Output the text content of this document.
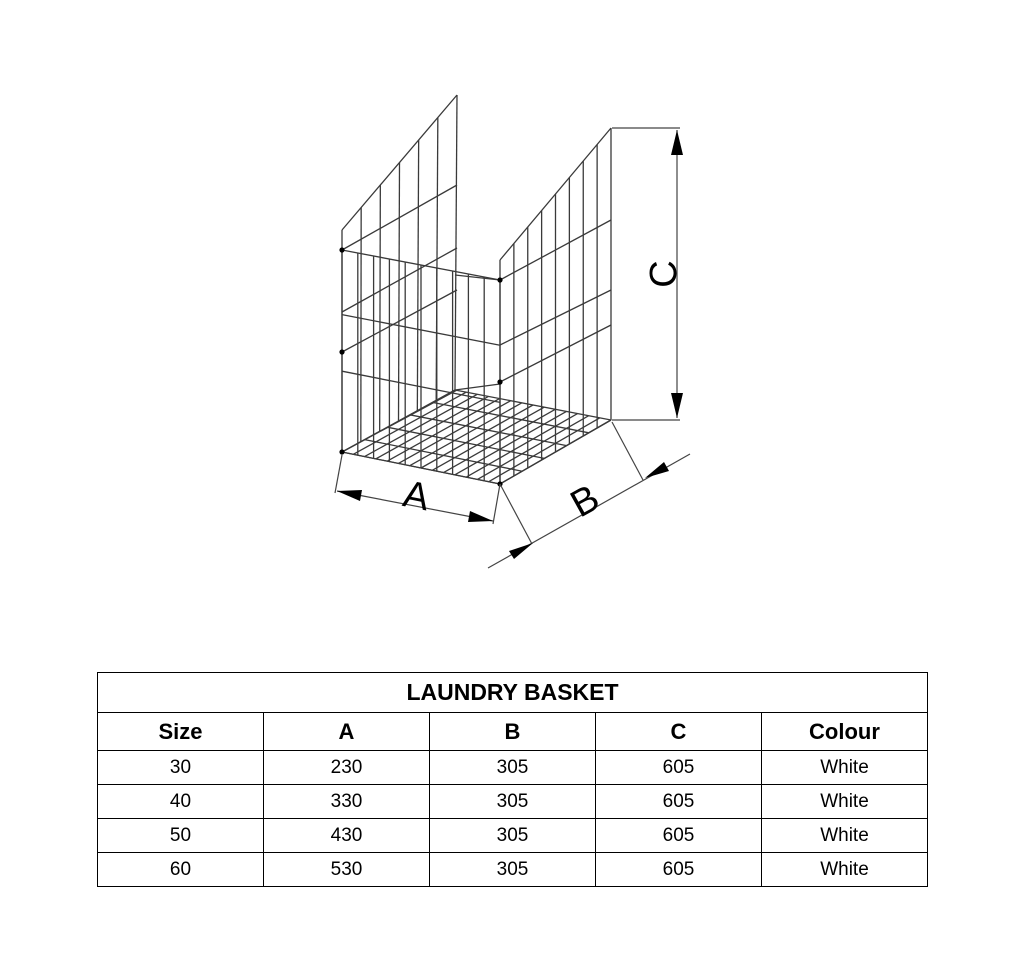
A	B
C
LAUNDRY BASKET				
Size	A	B	C	Colour
30	230	305	605	White
40	330	305	605	White
50	430	305	605	White
60	530	305	605	White
